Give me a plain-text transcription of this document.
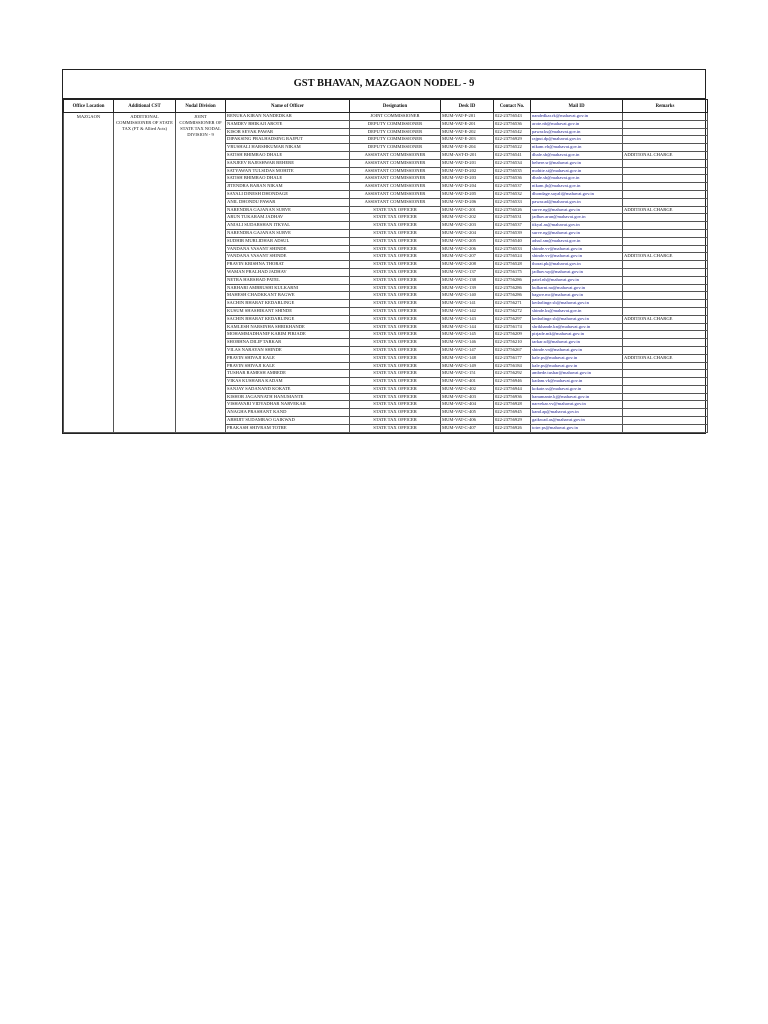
GST BHAVAN, MAZGAON NODEL - 9
Office Location	Additional CST	Nodal Division	Name of Officer	Designation	Desk ID	Contact No.	Mail ID	Remarks
MAZGAON	ADDITIONAL COMMISSIONER OF STATE TAX (FT & Allied Acts)	JOINT COMMISSIONER OF STATE TAX NODAL DIVISION - 9	RENUKA KIRAN NANDEDKAR	JOINT COMMISSIONER	MUM-VAT-F-201	022-23756543	nandedkar.rk@mahavat.gov.in	
			NAMDEV BHIKAJI AROTE	DEPUTY COMMISSIONER	MUM-VAT-E-201	022-23756536	arote.nb@mahavat.gov.in	
			KISOR SEVAK PAWAR	DEPUTY COMMISSIONER	MUM-VAT-E-202	022-23756542	pawar.ks@mahavat.gov.in	
			DIPAKSING PRALHADSING RAJPUT	DEPUTY COMMISSIONER	MUM-VAT-E-203	022-23756929	rajput.dp@mahavat.gov.in	
			VRUSHALI HARSHKUMAR NIKAM	DEPUTY COMMISSIONER	MUM-VAT-E-204	022-23756522	nikam.vh@mahavat.gov.in	
			SATISH BHIMRAO DHALE	ASSISTANT COMMISSIONER	MUM-AST-D-201	022-23756541	dhale.sb@mahavat.gov.in	ADDITIONAL CHARGE
			SANJEEV RAJESHWAR BEHERE	ASSISTANT COMMISSIONER	MUM-VAT-D-201	022-23756534	behere.sr@mahavat.gov.in	
			SATYAWAN TULSIDAS MOHITE	ASSISTANT COMMISSIONER	MUM-VAT-D-202	022-23756535	mohite.st@mahavat.gov.in	
			SATISH BHIMRAO DHALE	ASSISTANT COMMISSIONER	MUM-VAT-D-203	022-23756536	dhale.sb@mahavat.gov.in	
			JITENDRA BABAN NIKAM	ASSISTANT COMMISSIONER	MUM-VAT-D-204	022-23756537	nikam.jb@mahavat.gov.in	
			SAYALI DINESH DHONDAGE	ASSISTANT COMMISSIONER	MUM-VAT-D-205	022-23756532	dhondage.sayali@mahavat.gov.in	
			ANIL DHONDU PAWAR	ASSISTANT COMMISSIONER	MUM-VAT-D-206	022-23756533	pawar.ad@mahavat.gov.in	
			NARENDRA GAJANAN SURVE	STATE TAX OFFICER	MUM-VAT-C-201	022-23756526	surve.ng@mahavat.gov.in	ADDITIONAL CHARGE
			ARUN TUKARAM JADHAV	STATE TAX OFFICER	MUM-VAT-C-202	022-23756531	jadhav.arun@mahavat.gov.in	
			ANJALI SUDARSHAN ITKYAL	STATE TAX OFFICER	MUM-VAT-C-203	022-23756537	itkyal.as@mahavat.gov.in	
			NARENDRA GAJANAN SURVE	STATE TAX OFFICER	MUM-VAT-C-204	022-23756539	surve.ng@mahavat.gov.in	
			SUDHIR MURLIDHAR ADSUL	STATE TAX OFFICER	MUM-VAT-C-205	022-23756540	adsul.sm@mahavat.gov.in	
			VANDANA VASANT SHINDE	STATE TAX OFFICER	MUM-VAT-C-206	022-23756533	shinde.vv@mahavat.gov.in	
			VANDANA VASANT SHINDE	STATE TAX OFFICER	MUM-VAT-C-207	022-23756524	shinde.vv@mahavat.gov.in	ADDITIONAL CHARGE
			PRAVIN KRISHNA THORAT	STATE TAX OFFICER	MUM-VAT-C-208	022-23756528	thorat.pk@mahavat.gov.in	
			WAMAN PRALHAD JADHAV	STATE TAX OFFICER	MUM-VAT-C-137	022-23756175	jadhav.wp@mahavat.gov.in	
			NETRA HARSHAD PATEL	STATE TAX OFFICER	MUM-VAT-C-138	022-23756286	patel.nh@mahavat.gov.in	
			NARHARI AMBRUSHI KULKARNI	STATE TAX OFFICER	MUM-VAT-C-139	022-23756286	kulkarni.na@mahavat.gov.in	
			MAHESH CHADKKANT BAGWE	STATE TAX OFFICER	MUM-VAT-C-140	022-23756286	bagwe.mc@mahavat.gov.in	
			SACHIN BHARAT KEDARLINGE	STATE TAX OFFICER	MUM-VAT-C-141	022-23756271	kedarlinge.sb@mahavat.gov.in	
			KUSUM SHASHIKANT SHINDE	STATE TAX OFFICER	MUM-VAT-C-142	022-23756272	shinde.ks@mahavat.gov.in	
			SACHIN BHARAT KEDARLINGE	STATE TAX OFFICER	MUM-VAT-C-143	022-23756297	kedarlinge.sb@mahavat.gov.in	ADDITIONAL CHARGE
			KAMLESH NARSINHA SHRIKHANDE	STATE TAX OFFICER	MUM-VAT-C-144	022-23756174	shrikhande.kn@mahavat.gov.in	
			MOHAMMADHANIF KARIM PIRJADE	STATE TAX OFFICER	MUM-VAT-C-145	022-23756209	pirjade.mk@mahavat.gov.in	
			SHOBHNA DILIP TARKAR	STATE TAX OFFICER	MUM-VAT-C-146	022-23756210	tarkar.sd@mahavat.gov.in	
			VILAS NARAYAN SHINDE	STATE TAX OFFICER	MUM-VAT-C-147	022-23756267	shinde.vn@mahavat.gov.in	
			PRAVIN SHIVAJI KALE	STATE TAX OFFICER	MUM-VAT-C-148	022-23756177	kale.ps@mahavat.gov.in	ADDITIONAL CHARGE
			PRAVIN SHIVAJI KALE	STATE TAX OFFICER	MUM-VAT-C-149	022-23756184	kale.ps@mahavat.gov.in	
			TUSHAR RAMESH AMBEDE	STATE TAX OFFICER	MUM-VAT-C-151	022-23756292	ambede.tushar@mahavat.gov.in	
			VIKAS KUSHABA KADAM	STATE TAX OFFICER	MUM-VAT-C-401	022-23756946	kadam.vk@mahavat.gov.in	
			SANJAY SADANAND KOKATE	STATE TAX OFFICER	MUM-VAT-C-402	022-23756944	kokate.ss@mahavat.gov.in	
			KISHOR JAGANNATH HANUMANTE	STATE TAX OFFICER	MUM-VAT-C-403	022-23756936	hanumante.kj@mahavat.gov.in	
			VISHAVARI VIDYADHAR NARVEKAR	STATE TAX OFFICER	MUM-VAT-C-404	022-23756928	narvekar.vv@mahavat.gov.in	
			ANAGHA PRASHANT KAND	STATE TAX OFFICER	MUM-VAT-C-405	022-23756945	kand.ap@mahavat.gov.in	
			ABHIJIT SUDAMRAO GAIKWAD	STATE TAX OFFICER	MUM-VAT-C-406	022-23756929	gaikwad.as@mahavat.gov.in	
			PRAKASH SHIVRAM TOTRE	STATE TAX OFFICER	MUM-VAT-C-407	022-23756926	totre.ps@mahavat.gov.in	
